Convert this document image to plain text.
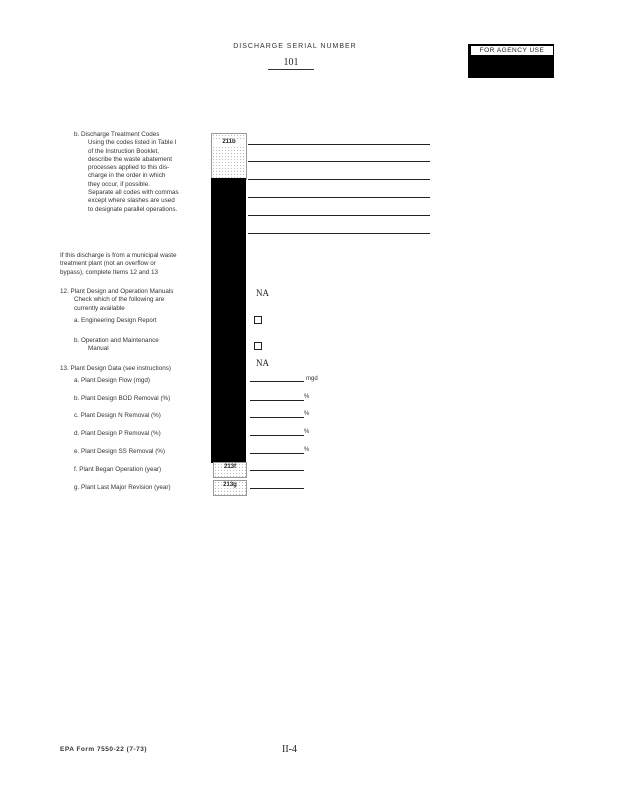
DISCHARGE SERIAL NUMBER
101
FOR AGENCY USE
b. Discharge Treatment Codes
Using the codes listed in Table I
of the Instruction Booklet,
describe the waste abatement
processes applied to this dis-
charge in the order in which
they occur, if possible.
Separate all codes with commas
except where slashes are used
to designate parallel operations.
211b
If this discharge is from a municipal waste
treatment plant (not an overflow or
bypass), complete Items 12 and 13
12. Plant Design and Operation Manuals
Check which of the following are
currently available
NA
a. Engineering Design Report
b. Operation and Maintenance
Manual
13. Plant Design Data (see instructions)
NA
a. Plant Design Flow (mgd)	mgd
b. Plant Design BOD Removal (%)	%
c. Plant Design N Removal (%)	%
d. Plant Design P Removal (%)	%
e. Plant Design SS Removal (%)	%
f. Plant Began Operation (year)	213f
g. Plant Last Major Revision (year)	213g
EPA Form 7550-22 (7-73)	II-4
